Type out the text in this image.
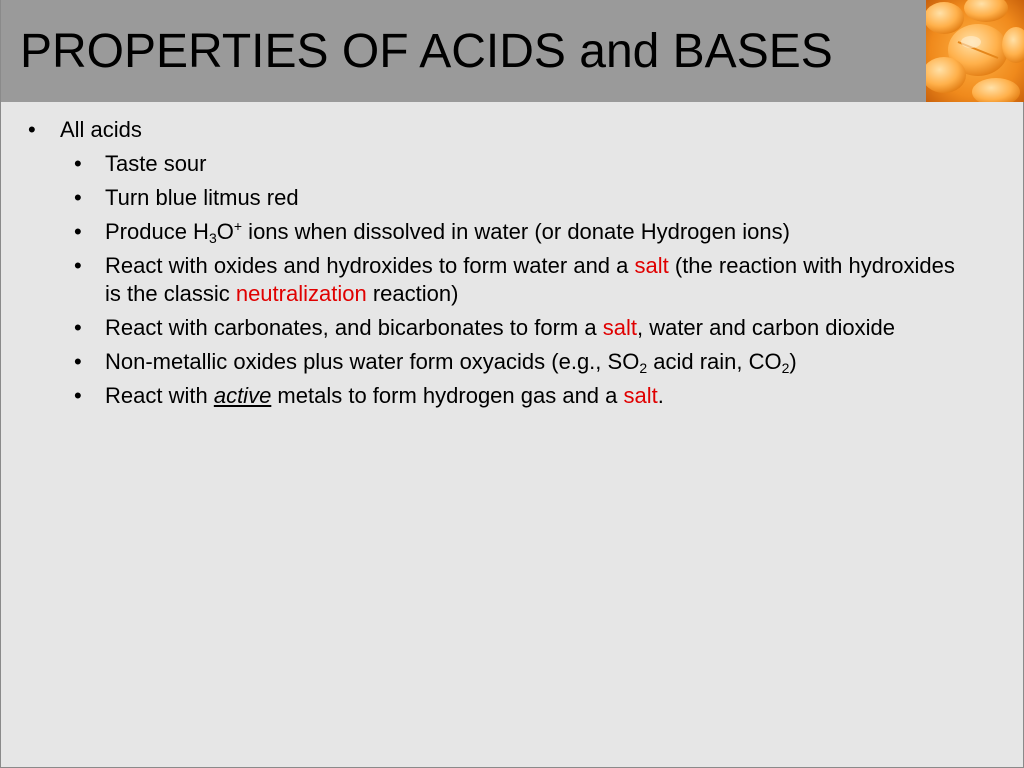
PROPERTIES OF ACIDS and BASES
• All acids
• Taste sour
• Turn blue litmus red
• Produce $H_3O^+$ ions when dissolved in water (or donate Hydrogen ions)
• React with oxides and hydroxides to form water and a salt (the reaction with hydroxides is the classic neutralization reaction)
• React with carbonates, and bicarbonates to form a salt, water and carbon dioxide
• Non-metallic oxides plus water form oxyacids (e.g., $SO_2$ acid rain, $CO_2$)
• React with active metals to form hydrogen gas and a salt.
